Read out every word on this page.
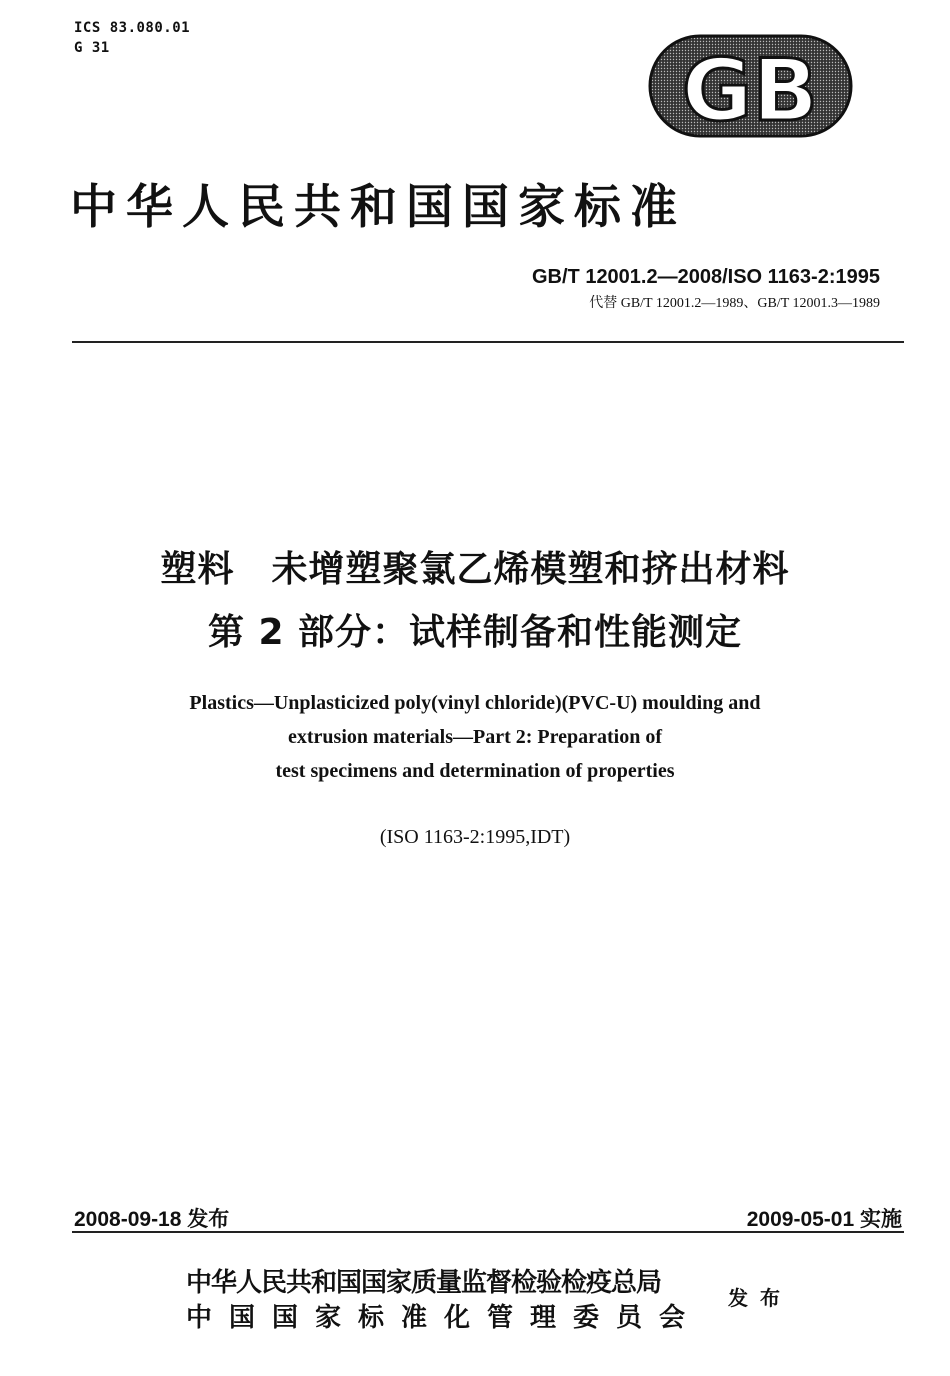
ICS 83.080.01
G 31	GB
中华人民共和国国家标准
GB/T 12001.2—2008/ISO 1163-2:1995
代替 GB/T 12001.2—1989、GB/T 12001.3—1989
塑料　未增塑聚氯乙烯模塑和挤出材料
第 2 部分：试样制备和性能测定
Plastics—Unplasticized poly(vinyl chloride)(PVC-U) moulding and
extrusion materials—Part 2: Preparation of
test specimens and determination of properties
(ISO 1163-2:1995,IDT)
2008-09-18 发布	2009-05-01 实施
中华人民共和国国家质量监督检验检疫总局
中国国家标准化管理委员会
发布
